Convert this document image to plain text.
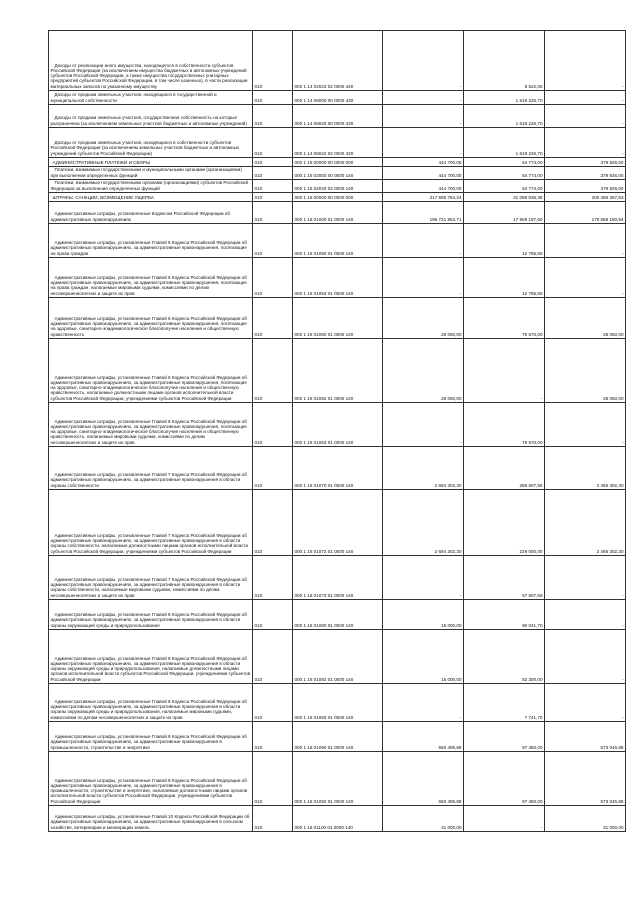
Доходы от реализации иного имущества, находящегося в собственности субъектов Российской Федерации (за исключением имущества бюджетных и автономных учреждений субъектов Российской Федерации, а также имущества государственных унитарных предприятий субъектов Российской Федерации, в том числе казенных), в части реализации материальных запасов по указанному имуществу	010	000 1 14 02023 02 0000 440	-	8 622,00	-

Доходы от продажи земельных участков, находящихся в государственной и муниципальной собственности	010	000 1 14 06000 00 0000 430	-	1 619 226,70	-

Доходы от продажи земельных участков, государственная собственность на которые разграничена (за исключением земельных участков бюджетных и автономных учреждений)	010	000 1 14 06020 00 0000 430	-	1 619 226,70	-

Доходы от продажи земельных участков, находящихся в собственности субъектов Российской Федерации (за исключением земельных участков бюджетных и автономных учреждений субъектов Российской Федерации)	010	000 1 14 06022 02 0000 430	-	1 619 226,70	-

АДМИНИСТРАТИВНЫЕ ПЛАТЕЖИ И СБОРЫ	010	000 1 15 00000 00 0000 000	444 700,00	64 774,00	379 926,00

Платежи, взимаемые государственными и муниципальными органами (организациями) при выполнении определенных функций	010	000 1 15 02000 00 0000 140	444 700,00	64 774,00	379 926,00

Платежи, взимаемые государственными органами (организациями) субъектов Российской Федерации за выполнение определенных функций	010	000 1 15 02020 02 0000 140	444 700,00	64 774,00	379 926,00

ШТРАФЫ, САНКЦИИ, ВОЗМЕЩЕНИЕ УЩЕРБА	010	000 1 16 00000 00 0000 000	217 585 784,24	31 098 936,38	200 486 357,83

Административные штрафы, установленные Кодексом Российской Федерации об административных правонарушениях	010	000 1 16 01000 01 0000 140	196 721 853,71	17 909 187,60	179 568 180,94

Административные штрафы, установленные Главой 5 Кодекса Российской Федерации об административных правонарушениях, за административные правонарушения, посягающие на права граждан	010	000 1 16 01050 01 0000 140	-	12 785,65	-

Административные штрафы, установленные Главой 5 Кодекса Российской Федерации об административных правонарушениях, за административные правонарушения, посягающие на права граждан, налагаемые мировыми судьями, комиссиями по делам несовершеннолетних и защите их прав	010	000 1 16 01053 01 0000 140	-	12 785,65	-

Административные штрафы, установленные Главой 6 Кодекса Российской Федерации об административных правонарушениях, за административные правонарушения, посягающие на здоровье, санитарно-эпидемиологическое благополучие населения и общественную нравственность	010	000 1 16 01060 01 0000 140	28 050,00	75 570,00	28 050,00

Административные штрафы, установленные Главой 6 Кодекса Российской Федерации об административных правонарушениях, за административные правонарушения, посягающие на здоровье, санитарно-эпидемиологическое благополучие населения и общественную нравственность, налагаемые должностными лицами органов исполнительной власти субъектов Российской Федерации, учреждениями субъектов Российской Федерации	010	000 1 16 01062 01 0000 140	28 050,00	-	28 050,00

Административные штрафы, установленные Главой 6 Кодекса Российской Федерации об административных правонарушениях, за административные правонарушения, посягающие на здоровье, санитарно-эпидемиологическое благополучие населения и общественную нравственность, налагаемые мировыми судьями, комиссиями по делам несовершеннолетних и защите их прав	010	000 1 16 01063 01 0000 140	-	75 570,00	-

Административные штрафы, установленные Главой 7 Кодекса Российской Федерации об административных правонарушениях, за административные правонарушения в области охраны собственности	010	000 1 16 01070 01 0000 140	2 694 302,30	286 607,56	2 465 302,30

Административные штрафы, установленные Главой 7 Кодекса Российской Федерации об административных правонарушениях, за административные правонарушения в области охраны собственности, налагаемые должностными лицами органов исполнительной власти субъектов Российской Федерации, учреждениями субъектов Российской Федерации	010	000 1 16 01072 01 0000 140	2 694 302,30	229 000,00	2 465 302,30

Административные штрафы, установленные Главой 7 Кодекса Российской Федерации об административных правонарушениях, за административные правонарушения в области охраны собственности, налагаемые мировыми судьями, комиссиями по делам несовершеннолетних и защите их прав	010	000 1 16 01073 01 0000 140	-	57 607,56	-

Административные штрафы, установленные Главой 8 Кодекса Российской Федерации об административных правонарушениях, за административные правонарушения в области охраны окружающей среды и природопользования	010	000 1 16 01080 01 0000 140	15 000,00	90 041,70	-

Административные штрафы, установленные Главой 8 Кодекса Российской Федерации об административных правонарушениях, за административные правонарушения в области охраны окружающей среды и природопользования, налагаемые должностными лицами органов исполнительной власти субъектов Российской Федерации, учреждениями субъектов Российской Федерации	010	000 1 16 01082 01 0000 140	15 000,00	82 300,00	-

Административные штрафы, установленные Главой 8 Кодекса Российской Федерации об административных правонарушениях, за административные правонарушения в области охраны окружающей среды и природопользования, налагаемые мировыми судьями, комиссиями по делам несовершеннолетних и защите их прав	010	000 1 16 01083 01 0000 140	-	7 741,70	-

Административные штрафы, установленные Главой 9 Кодекса Российской Федерации об административных правонарушениях, за административные правонарушения в промышленности, строительстве и энергетике	010	000 1 16 01090 01 0000 140	660 495,88	87 450,00	573 045,88

Административные штрафы, установленные Главой 9 Кодекса Российской Федерации об административных правонарушениях, за административные правонарушения в промышленности, строительстве и энергетике, налагаемые должностными лицами органов исполнительной власти субъектов Российской Федерации, учреждениями субъектов Российской Федерации	010	000 1 16 01092 01 0000 140	660 495,88	87 450,00	573 045,88

Административные штрафы, установленные Главой 10 Кодекса Российской Федерации об административных правонарушениях, за административные правонарушения в сельском хозяйстве, ветеринарии и мелиорации земель	010	000 1 16 01100 01 0000 140	31 000,00	-	31 000,00
